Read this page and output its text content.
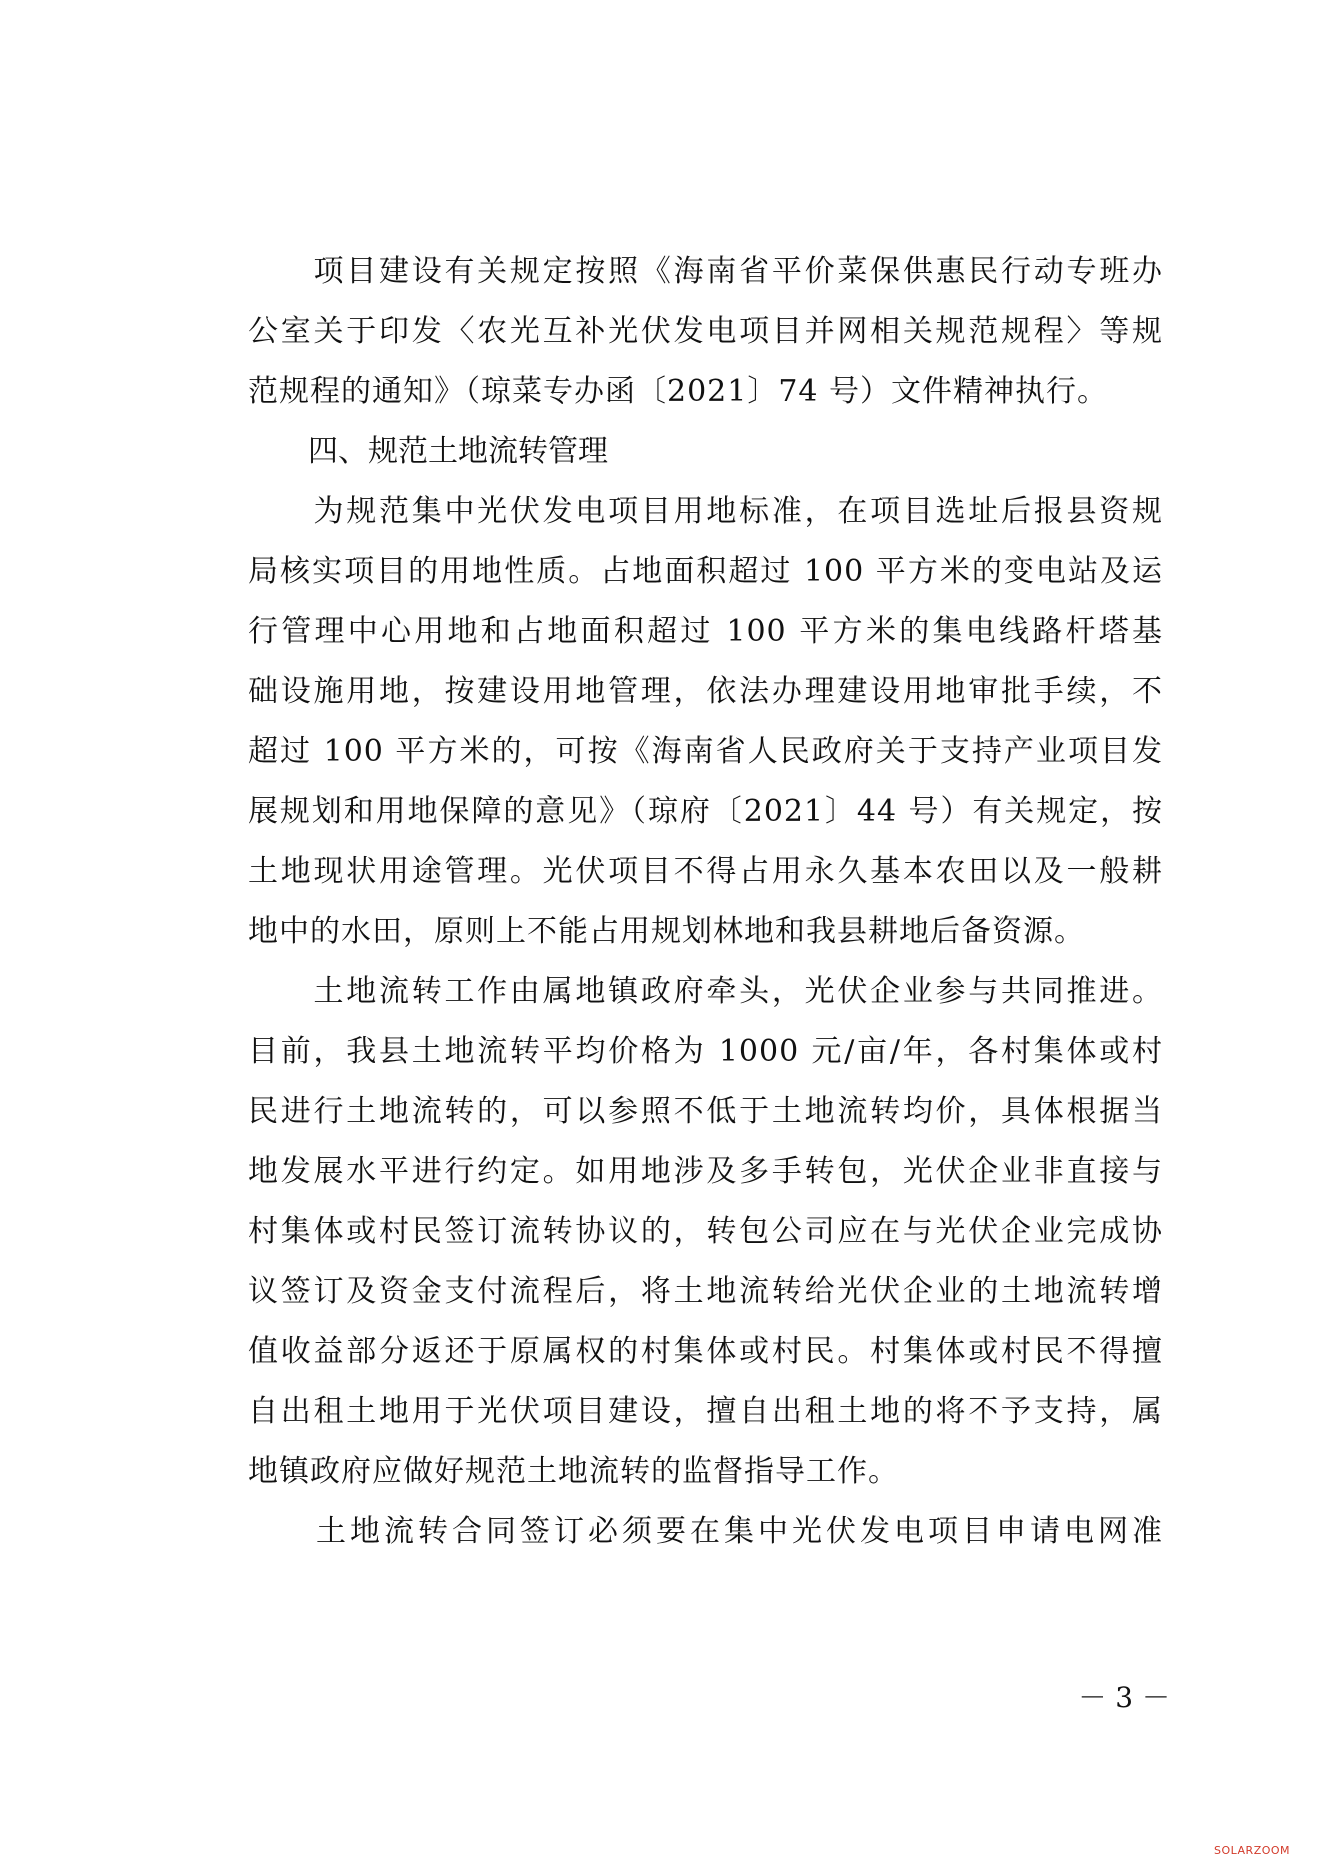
　　项目建设有关规定按照《海南省平价菜保供惠民行动专班办
公室关于印发〈农光互补光伏发电项目并网相关规范规程〉等规
范规程的通知》（琼菜专办函〔2021〕74 号）文件精神执行。
　　四、规范土地流转管理
　　为规范集中光伏发电项目用地标准，在项目选址后报县资规
局核实项目的用地性质。占地面积超过 100 平方米的变电站及运
行管理中心用地和占地面积超过 100 平方米的集电线路杆塔基
础设施用地，按建设用地管理，依法办理建设用地审批手续，不
超过 100 平方米的，可按《海南省人民政府关于支持产业项目发
展规划和用地保障的意见》（琼府〔2021〕44 号）有关规定，按
土地现状用途管理。光伏项目不得占用永久基本农田以及一般耕
地中的水田，原则上不能占用规划林地和我县耕地后备资源。
　　土地流转工作由属地镇政府牵头，光伏企业参与共同推进。
目前，我县土地流转平均价格为 1000 元/亩/年，各村集体或村
民进行土地流转的，可以参照不低于土地流转均价，具体根据当
地发展水平进行约定。如用地涉及多手转包，光伏企业非直接与
村集体或村民签订流转协议的，转包公司应在与光伏企业完成协
议签订及资金支付流程后，将土地流转给光伏企业的土地流转增
值收益部分返还于原属权的村集体或村民。村集体或村民不得擅
自出租土地用于光伏项目建设，擅自出租土地的将不予支持，属
地镇政府应做好规范土地流转的监督指导工作。
　　土地流转合同签订必须要在集中光伏发电项目申请电网准
－ 3 －
SOLARZOOM
